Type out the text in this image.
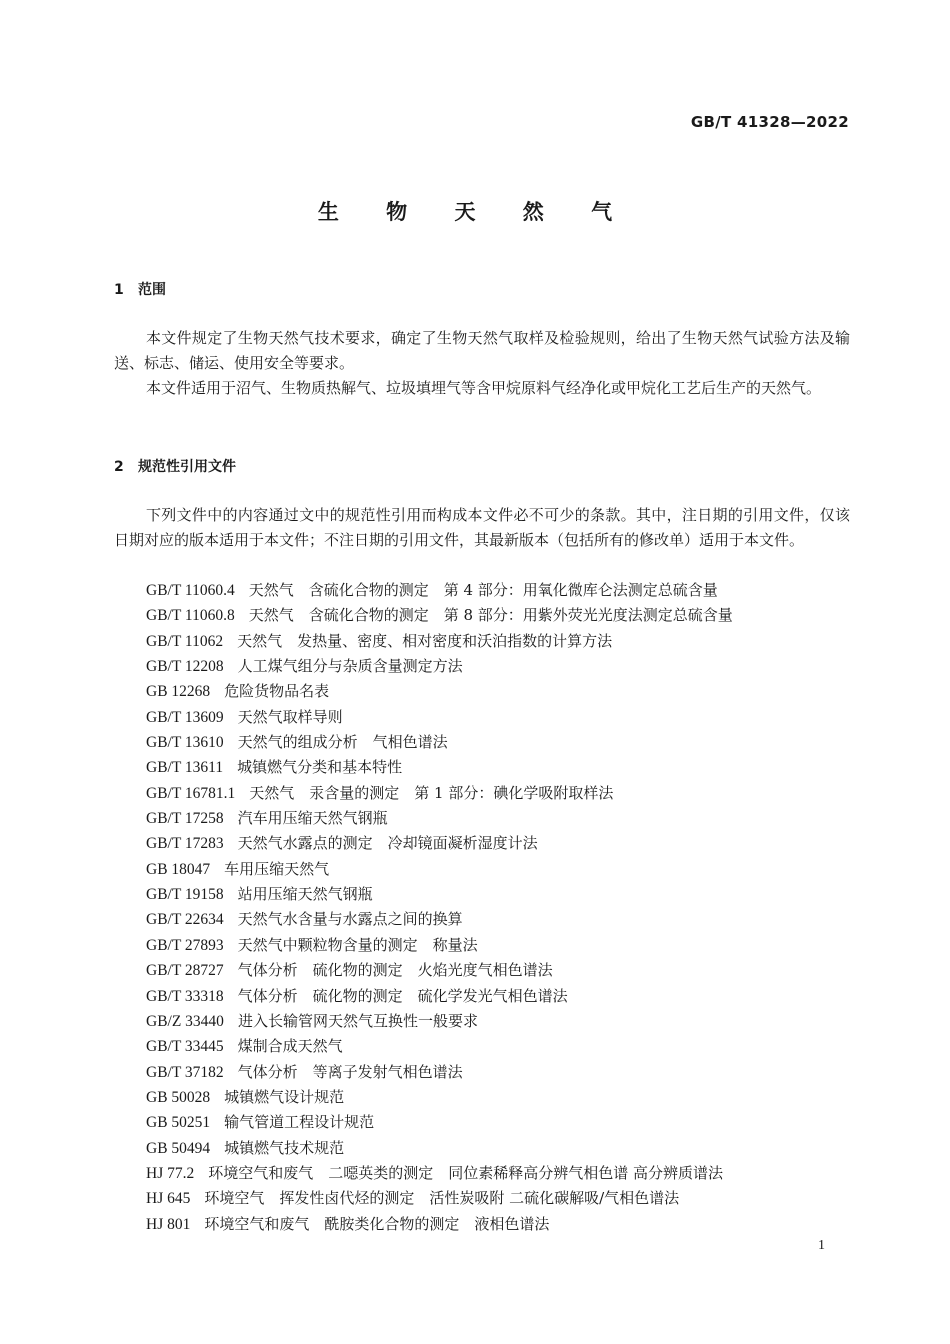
GB/T 41328—2022
生 物 天 然 气
1 范围

本文件规定了生物天然气技术要求，确定了生物天然气取样及检验规则，给出了生物天然气试验方法及输送、标志、储运、使用安全等要求。

本文件适用于沼气、生物质热解气、垃圾填埋气等含甲烷原料气经净化或甲烷化工艺后生产的天然气。

2 规范性引用文件

下列文件中的内容通过文中的规范性引用而构成本文件必不可少的条款。其中，注日期的引用文件，仅该日期对应的版本适用于本文件；不注日期的引用文件，其最新版本（包括所有的修改单）适用于本文件。

GB/T 11060.4 天然气　含硫化合物的测定　第 4 部分：用氧化微库仑法测定总硫含量
GB/T 11060.8 天然气　含硫化合物的测定　第 8 部分：用紫外荧光光度法测定总硫含量
GB/T 11062 天然气　发热量、密度、相对密度和沃泊指数的计算方法
GB/T 12208 人工煤气组分与杂质含量测定方法
GB 12268 危险货物品名表
GB/T 13609 天然气取样导则
GB/T 13610 天然气的组成分析　气相色谱法
GB/T 13611 城镇燃气分类和基本特性
GB/T 16781.1 天然气　汞含量的测定　第 1 部分：碘化学吸附取样法
GB/T 17258 汽车用压缩天然气钢瓶
GB/T 17283 天然气水露点的测定　冷却镜面凝析湿度计法
GB 18047 车用压缩天然气
GB/T 19158 站用压缩天然气钢瓶
GB/T 22634 天然气水含量与水露点之间的换算
GB/T 27893 天然气中颗粒物含量的测定　称量法
GB/T 28727 气体分析　硫化物的测定　火焰光度气相色谱法
GB/T 33318 气体分析　硫化物的测定　硫化学发光气相色谱法
GB/Z 33440 进入长输管网天然气互换性一般要求
GB/T 33445 煤制合成天然气
GB/T 37182 气体分析　等离子发射气相色谱法
GB 50028 城镇燃气设计规范
GB 50251 输气管道工程设计规范
GB 50494 城镇燃气技术规范
HJ 77.2 环境空气和废气　二噁英类的测定　同位素稀释高分辨气相色谱 高分辨质谱法
HJ 645 环境空气　挥发性卤代烃的测定　活性炭吸附 二硫化碳解吸/气相色谱法
HJ 801 环境空气和废气　酰胺类化合物的测定　液相色谱法
1
